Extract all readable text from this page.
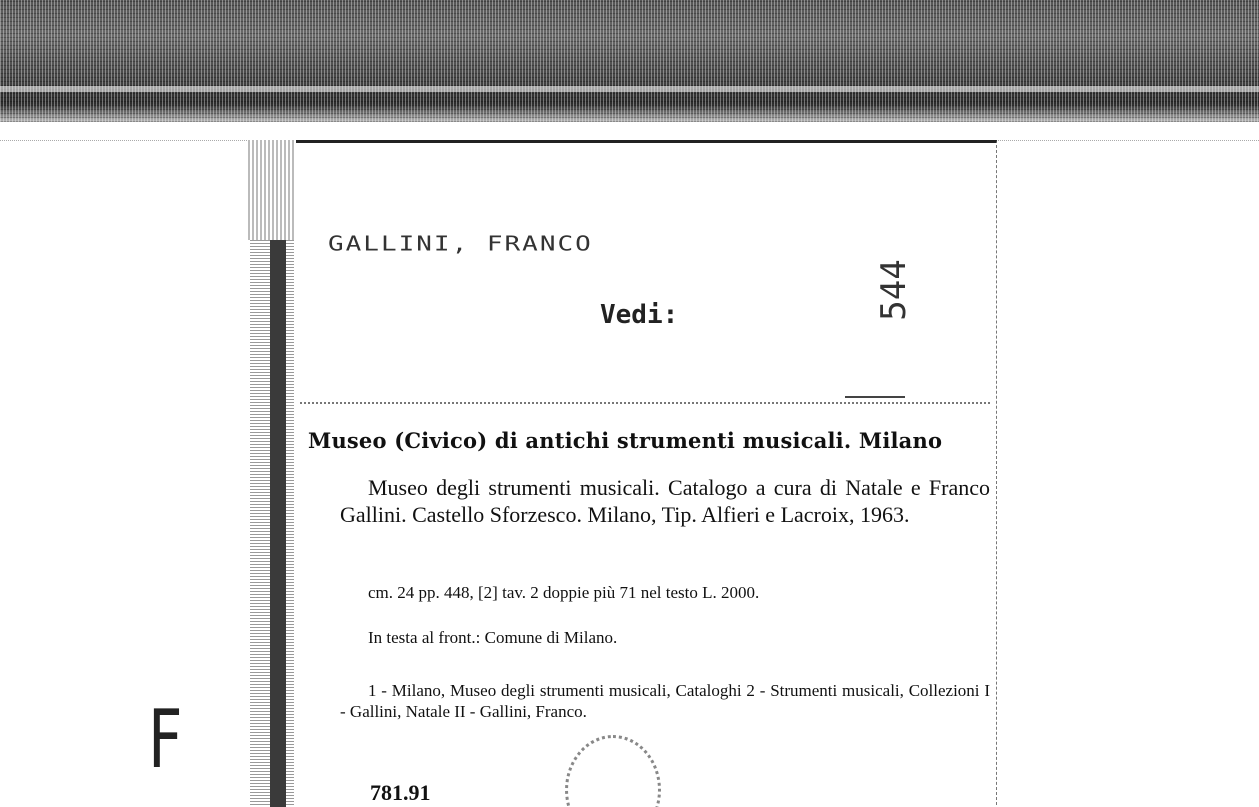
GALLINI, FRANCO
Vedi:	544
Museo (Civico) di antichi strumenti musicali. Milano
Museo degli strumenti musicali. Catalogo a cura di Natale e Franco Gallini. Castello Sforzesco. Milano, Tip. Alfieri e Lacroix, 1963.
cm. 24 pp. 448, [2] tav. 2 doppie più 71 nel testo L. 2000.
In testa al front.: Comune di Milano.
1 - Milano, Museo degli strumenti musicali, Cataloghi 2 - Strumenti musicali, Collezioni I - Gallini, Natale II - Gallini, Franco.
781.91
F
